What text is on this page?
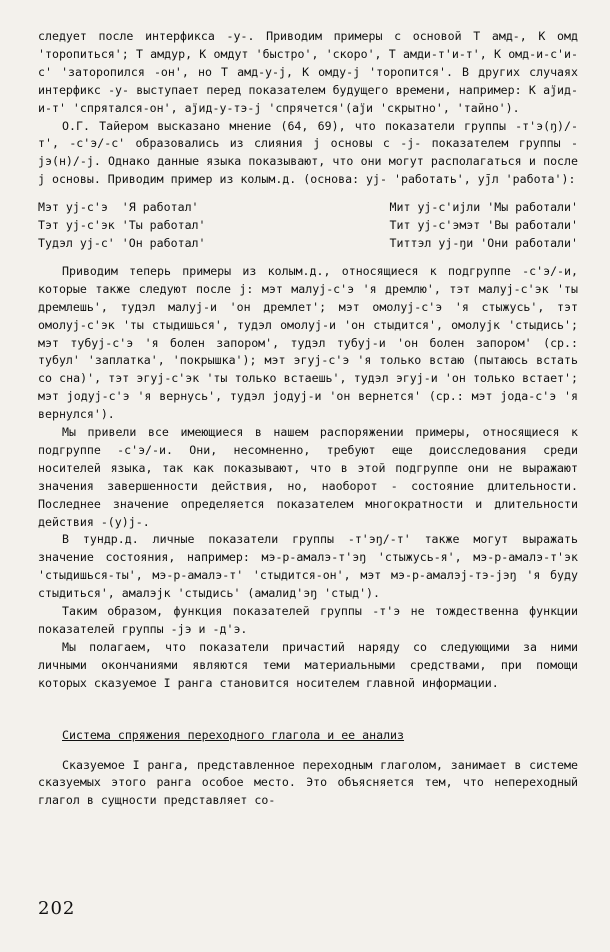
следует после интерфикса -у-. Приводим примеры с основой Т амд-, К омд 'торопиться'; Т амдур, К омдут 'быстро', 'скоро', Т амди-т'и-т', К омд-и-с'и-с' 'заторопился -он', но Т амд-у-j, К омду-j 'торопится'. В других случаях интерфикс -у- выступает перед показателем будущего времени, например: К аj̈ид-и-т' 'спрятался-он', аj̈ид-у-тэ-j 'спрячется'(аj̈и 'скрытно', 'тайно').

О.Г. Тайером высказано мнение (64, 69), что показатели группы -т'э(ŋ)/-т', -с'э/-с' образовались из слияния j основы с -j- показателем группы -jэ(н)/-j. Однако данные языка показывают, что они могут располагаться и после j основы. Приводим пример из колым.д. (основа: уj- 'работать', уj̄л 'работа'):

Мэт уj-с'э  'Я работал'	Мит уj-с'иjли 'Мы работали'
Тэт уj-с'эк 'Ты работал'	Тит уj-с'эмэт 'Вы работали'
Тудэл уj-с' 'Он работал'	Титтэл уj-ŋи 'Они работали'

Приводим теперь примеры из колым.д., относящиеся к подгруппе -с'э/-и, которые также следуют после j: мэт малуj-с'э 'я дремлю', тэт малуj-с'эк 'ты дремлешь', тудэл малуj-и 'он дремлет'; мэт омолуj-с'э 'я стыжусь', тэт омолуj-с'эк 'ты стыдишься', тудэл омолуj-и 'он стыдится', омолуjк 'стыдись'; мэт тубуj-с'э 'я болен запором', тудэл тубуj-и 'он болен запором' (ср.: тубул' 'заплатка', 'покрышка'); мэт эгуj-с'э 'я только встаю (пытаюсь встать со сна)', тэт эгуj-с'эк 'ты только встаешь', тудэл эгуj-и 'он только встает'; мэт jодуj-с'э 'я вернусь', тудэл jодуj-и 'он вернется' (ср.: мэт jода-с'э 'я вернулся').

Мы привели все имеющиеся в нашем распоряжении примеры, относящиеся к подгруппе -с'э/-и. Они, несомненно, требуют еще доисследования среди носителей языка, так как показывают, что в этой подгруппе они не выражают значения завершенности действия, но, наоборот - состояние длительности. Последнее значение определяется показателем многократности и длительности действия -(у)j-.

В тундр.д. личные показатели группы -т'эŋ/-т' также могут выражать значение состояния, например: мэ-р-амалэ-т'эŋ 'стыжусь-я', мэ-р-амалэ-т'эк 'стыдишься-ты', мэ-р-амалэ-т' 'стыдится-он', мэт мэ-р-амалэj-тэ-jэŋ 'я буду стыдиться', амалэjк 'стыдись' (амалид'эŋ 'стыд').

Таким образом, функция показателей группы -т'э не тождественна функции показателей группы -jэ и -д'э.

Мы полагаем, что показатели причастий наряду со следующими за ними личными окончаниями являются теми материальными средствами, при помощи которых сказуемое I ранга становится носителем главной информации.

Система спряжения переходного глагола и ее анализ

Сказуемое I ранга, представленное переходным глаголом, занимает в системе сказуемых этого ранга особое место. Это объясняется тем, что непереходный глагол в сущности представляет со-

202
